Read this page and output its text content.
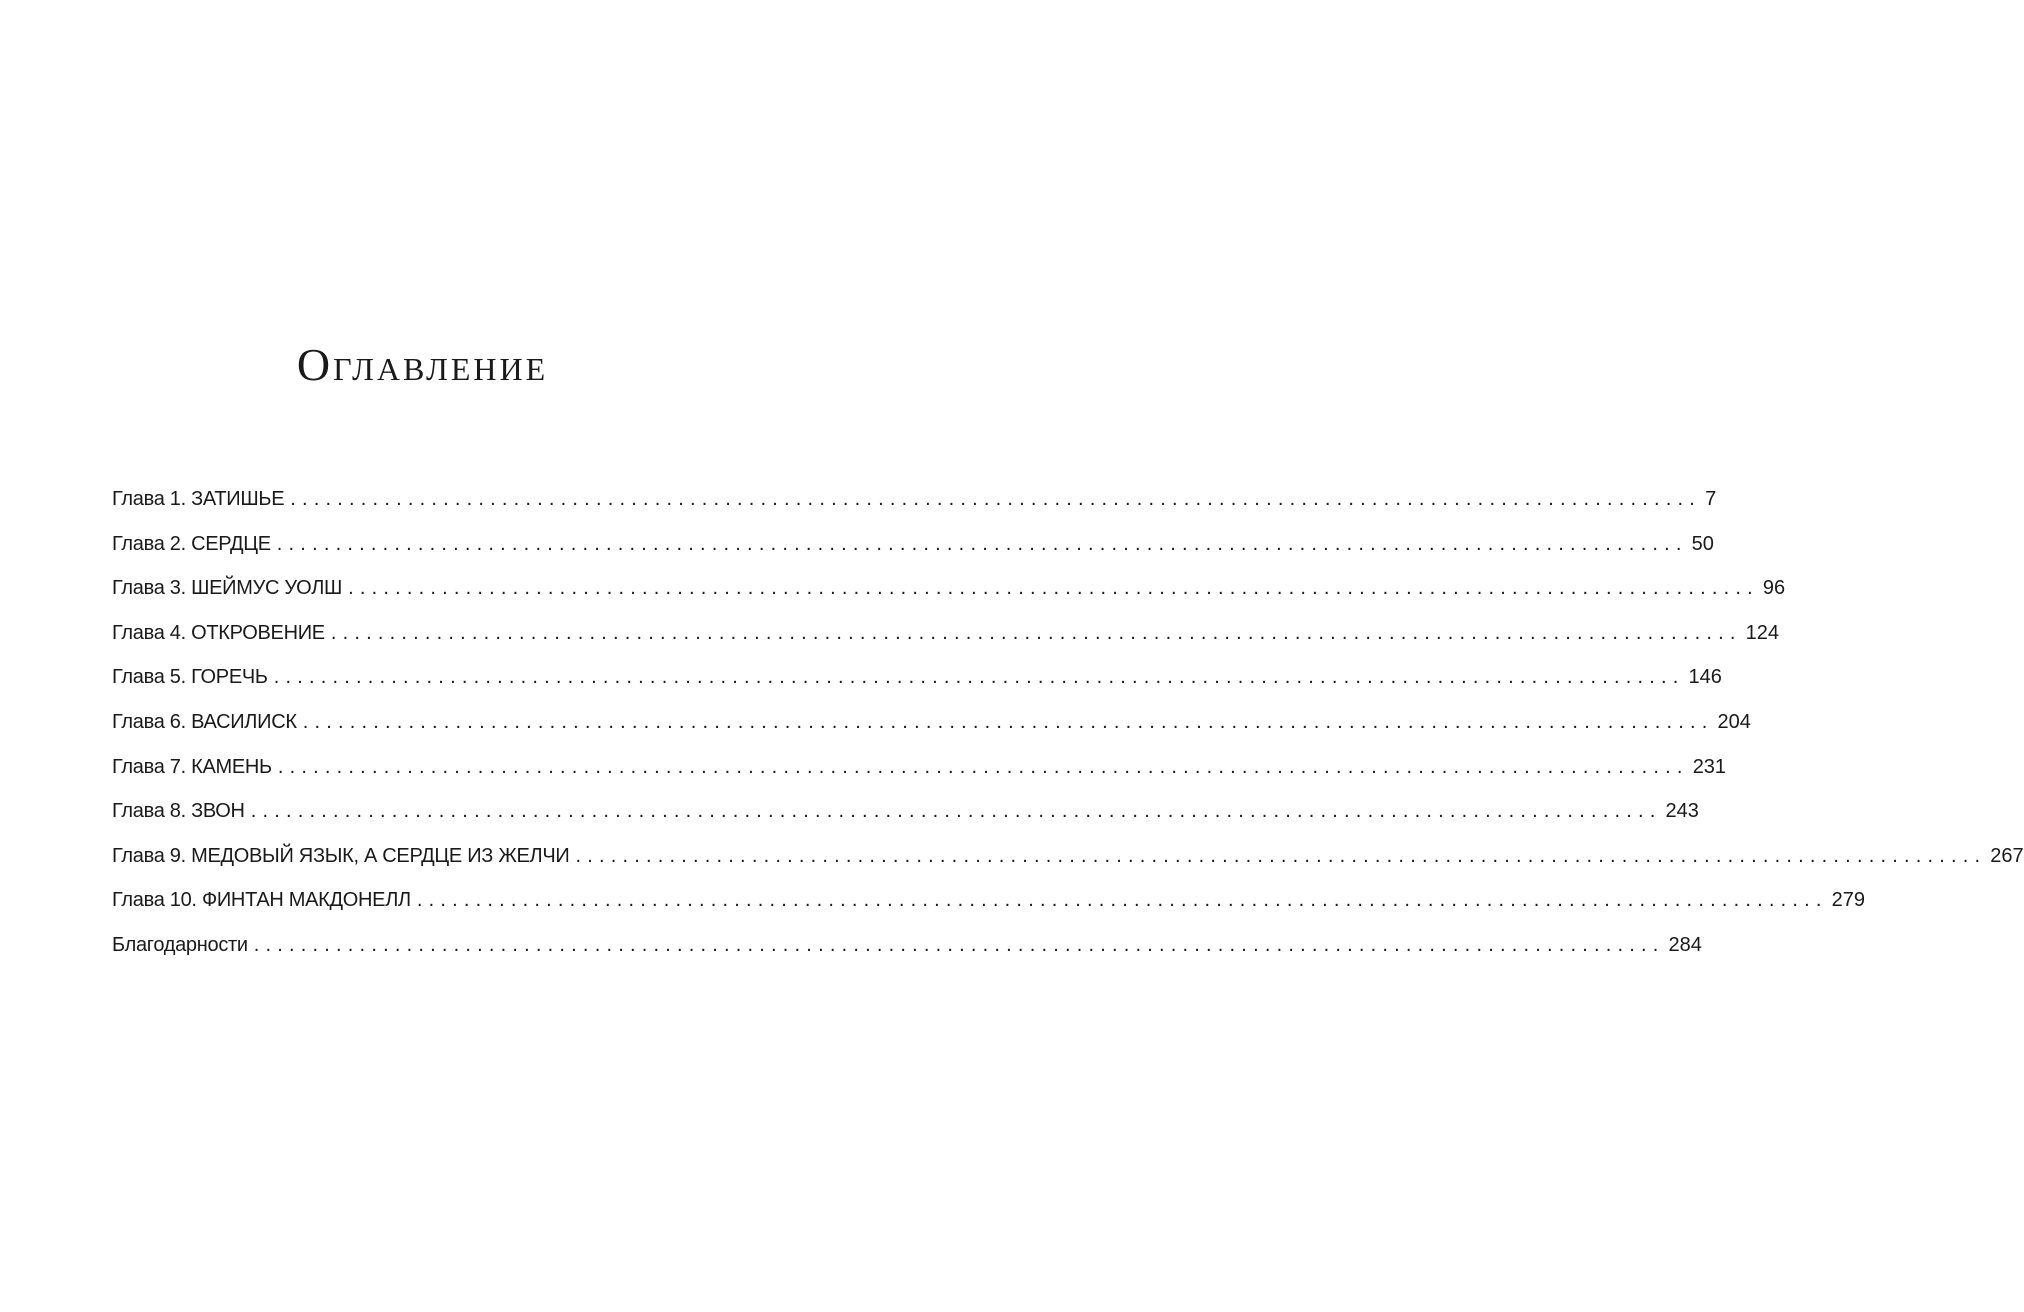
Оглавление
Глава 1. ЗАТИШЬЕ ........................................................................................................................ 7
Глава 2. СЕРДЦЕ ........................................................................................................................ 50
Глава 3. ШЕЙМУС УОЛШ ........................................................................................................................ 96
Глава 4. ОТКРОВЕНИЕ ........................................................................................................................ 124
Глава 5. ГОРЕЧЬ ........................................................................................................................ 146
Глава 6. ВАСИЛИСК ........................................................................................................................ 204
Глава 7. КАМЕНЬ ........................................................................................................................ 231
Глава 8. ЗВОН ........................................................................................................................ 243
Глава 9. МЕДОВЫЙ ЯЗЫК, А СЕРДЦЕ ИЗ ЖЕЛЧИ ........................................................................................................................ 267
Глава 10. ФИНТАН МАКДОНЕЛЛ ........................................................................................................................ 279
Благодарности ........................................................................................................................ 284
